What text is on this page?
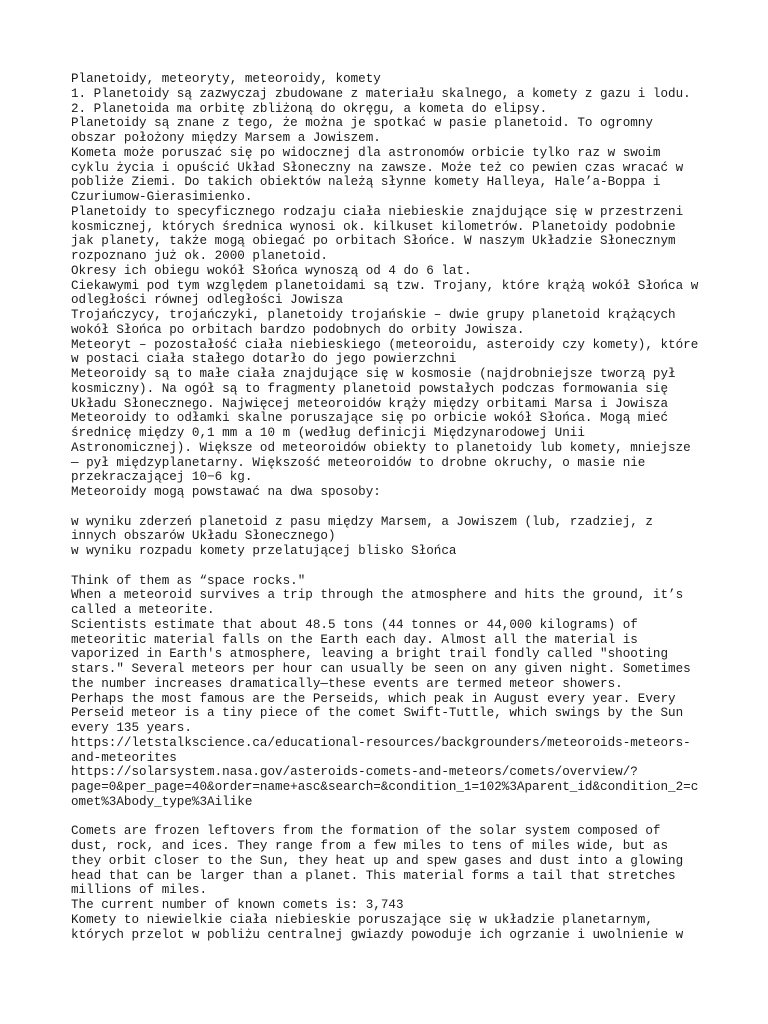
Planetoidy, meteoryty, meteoroidy, komety
1. Planetoidy są zazwyczaj zbudowane z materiału skalnego, a komety z gazu i lodu.
2. Planetoida ma orbitę zbliżoną do okręgu, a kometa do elipsy.
Planetoidy są znane z tego, że można je spotkać w pasie planetoid. To ogromny
obszar położony między Marsem a Jowiszem.
Kometa może poruszać się po widocznej dla astronomów orbicie tylko raz w swoim
cyklu życia i opuścić Układ Słoneczny na zawsze. Może też co pewien czas wracać w
pobliże Ziemi. Do takich obiektów należą słynne komety Halleya, Hale’a-Boppa i
Czuriumow-Gierasimienko.
Planetoidy to specyficznego rodzaju ciała niebieskie znajdujące się w przestrzeni
kosmicznej, których średnica wynosi ok. kilkuset kilometrów. Planetoidy podobnie
jak planety, także mogą obiegać po orbitach Słońce. W naszym Układzie Słonecznym
rozpoznano już ok. 2000 planetoid.
Okresy ich obiegu wokół Słońca wynoszą od 4 do 6 lat.
Ciekawymi pod tym względem planetoidami są tzw. Trojany, które krążą wokół Słońca w
odległości równej odległości Jowisza
Trojańczycy, trojańczyki, planetoidy trojańskie – dwie grupy planetoid krążących
wokół Słońca po orbitach bardzo podobnych do orbity Jowisza.
Meteoryt – pozostałość ciała niebieskiego (meteoroidu, asteroidy czy komety), które
w postaci ciała stałego dotarło do jego powierzchni
Meteoroidy są to małe ciała znajdujące się w kosmosie (najdrobniejsze tworzą pył
kosmiczny). Na ogół są to fragmenty planetoid powstałych podczas formowania się
Układu Słonecznego. Najwięcej meteoroidów krąży między orbitami Marsa i Jowisza
Meteoroidy to odłamki skalne poruszające się po orbicie wokół Słońca. Mogą mieć
średnicę między 0,1 mm a 10 m (według definicji Międzynarodowej Unii
Astronomicznej). Większe od meteoroidów obiekty to planetoidy lub komety, mniejsze
— pył międzyplanetarny. Większość meteoroidów to drobne okruchy, o masie nie
przekraczającej 10−6 kg.
Meteoroidy mogą powstawać na dwa sposoby:
w wyniku zderzeń planetoid z pasu między Marsem, a Jowiszem (lub, rzadziej, z
innych obszarów Układu Słonecznego)
w wyniku rozpadu komety przelatującej blisko Słońca
Think of them as “space rocks."
When a meteoroid survives a trip through the atmosphere and hits the ground, it’s
called a meteorite.
Scientists estimate that about 48.5 tons (44 tonnes or 44,000 kilograms) of
meteoritic material falls on the Earth each day. Almost all the material is
vaporized in Earth's atmosphere, leaving a bright trail fondly called "shooting
stars." Several meteors per hour can usually be seen on any given night. Sometimes
the number increases dramatically—these events are termed meteor showers.
Perhaps the most famous are the Perseids, which peak in August every year. Every
Perseid meteor is a tiny piece of the comet Swift-Tuttle, which swings by the Sun
every 135 years.
https://letstalkscience.ca/educational-resources/backgrounders/meteoroids-meteors-
and-meteorites
https://solarsystem.nasa.gov/asteroids-comets-and-meteors/comets/overview/?
page=0&per_page=40&order=name+asc&search=&condition_1=102%3Aparent_id&condition_2=c
omet%3Abody_type%3Ailike
Comets are frozen leftovers from the formation of the solar system composed of
dust, rock, and ices. They range from a few miles to tens of miles wide, but as
they orbit closer to the Sun, they heat up and spew gases and dust into a glowing
head that can be larger than a planet. This material forms a tail that stretches
millions of miles.
The current number of known comets is: 3,743
Komety to niewielkie ciała niebieskie poruszające się w układzie planetarnym,
których przelot w pobliżu centralnej gwiazdy powoduje ich ogrzanie i uwolnienie w
